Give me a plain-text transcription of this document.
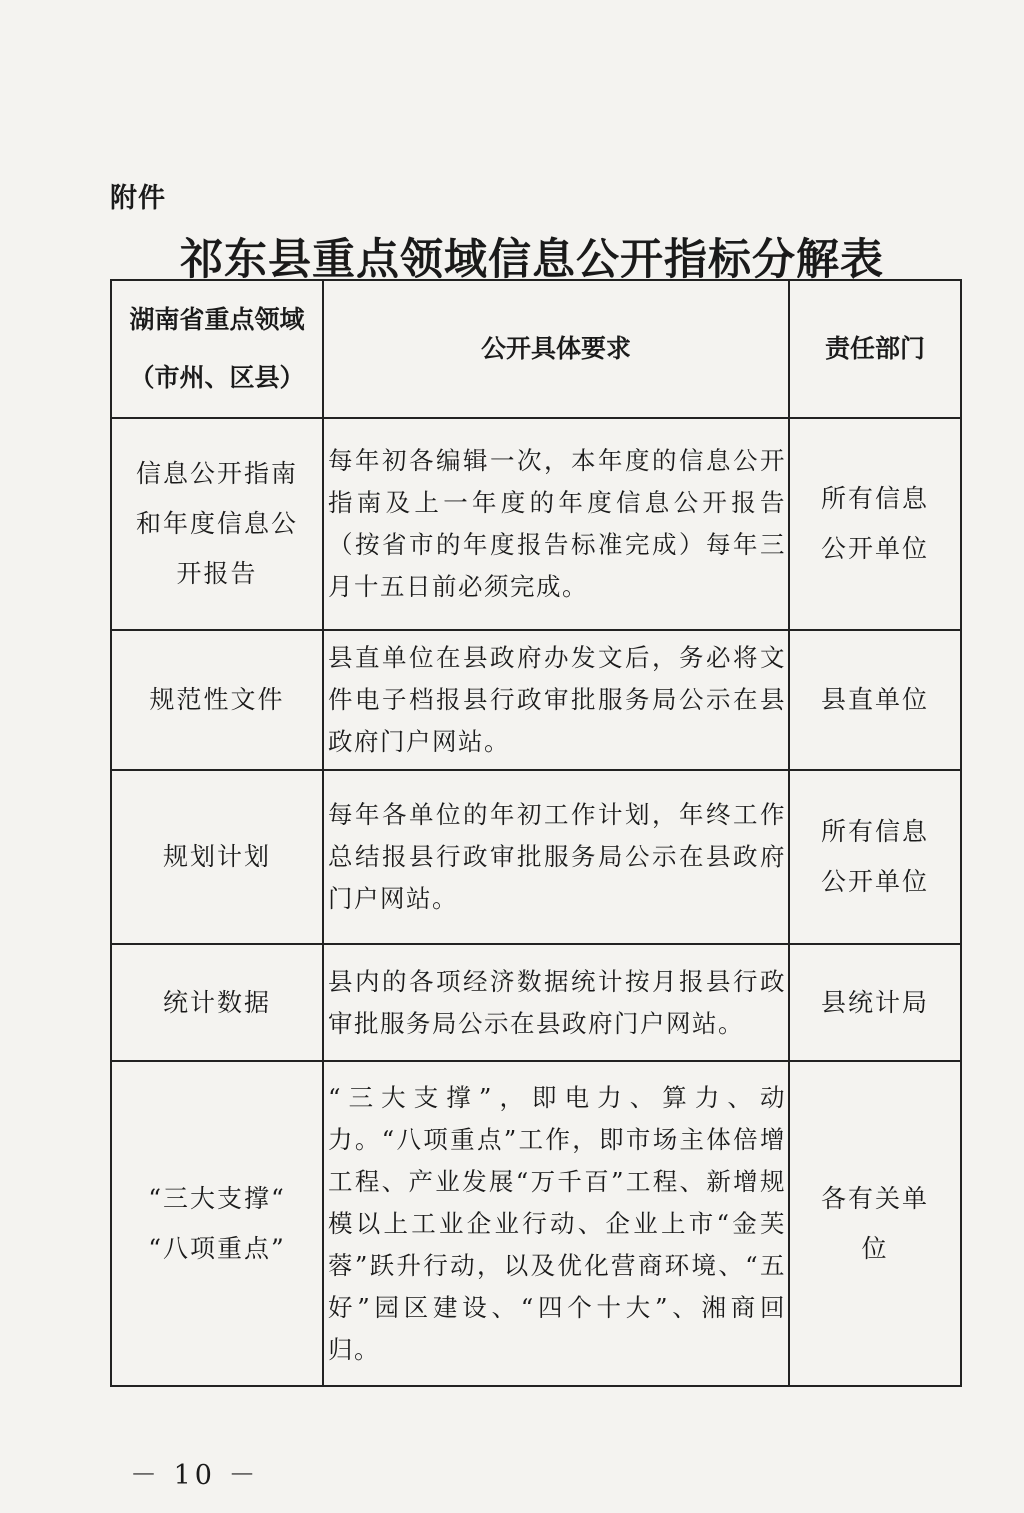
附件
祁东县重点领域信息公开指标分解表
湖南省重点领域（市州、区县）	公开具体要求	责任部门
信息公开指南和年度信息公开报告	每年初各编辑一次，本年度的信息公开指南及上一年度的年度信息公开报告（按省市的年度报告标准完成）每年三月十五日前必须完成。	所有信息公开单位
规范性文件	县直单位在县政府办发文后，务必将文件电子档报县行政审批服务局公示在县政府门户网站。	县直单位
规划计划	每年各单位的年初工作计划，年终工作总结报县行政审批服务局公示在县政府门户网站。	所有信息公开单位
统计数据	县内的各项经济数据统计按月报县行政审批服务局公示在县政府门户网站。	县统计局
“三大支撑“ “八项重点”	“三大支撑”，即电力、算力、动力。“八项重点”工作，即市场主体倍增工程、产业发展“万千百”工程、新增规模以上工业企业行动、企业上市“金芙蓉”跃升行动，以及优化营商环境、“五好”园区建设、“四个十大”、湘商回归。	各有关单位
－ 10 －
